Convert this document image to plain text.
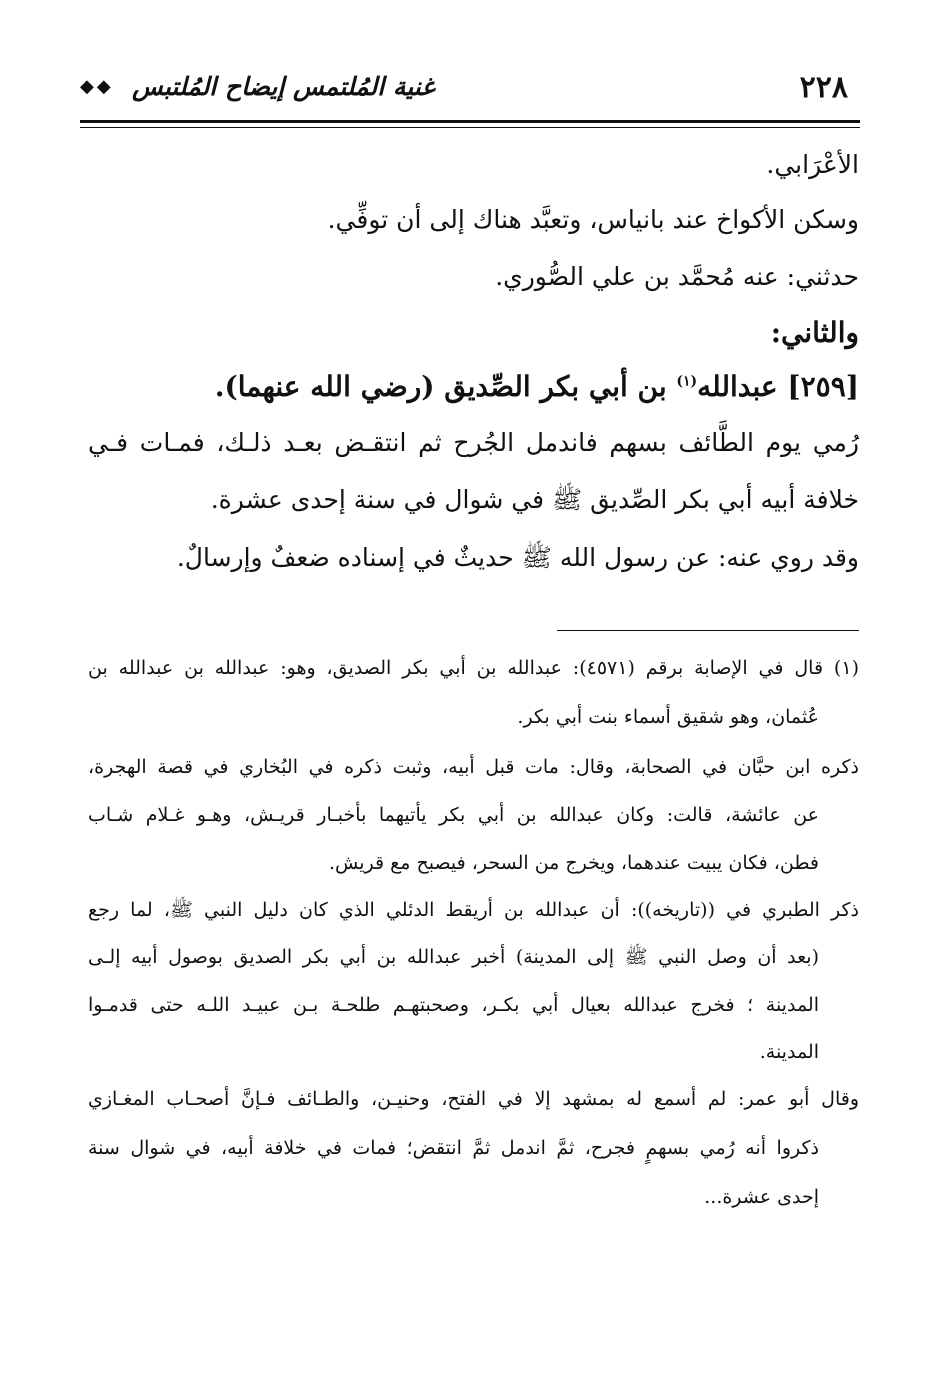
٢٢٨
غنية المُلتمس إيضاح المُلتبس
◆◆
الأعْرَابي.
وسكن الأكواخ عند بانياس، وتعبَّد هناك إلى أن توفِّي.
حدثني: عنه مُحمَّد بن علي الصُّوري.
والثاني:
[٢٥٩] عبدالله$^{(١)}$ بن أبي بكر الصِّديق (رضي الله عنهما).
رُمي يوم الطَّائف بسهم فاندمل الجُرح ثم انتقـض بعـد ذلـك، فمـات فـي
خلافة أبيه أبي بكر الصِّديق ﷺ في شوال في سنة إحدى عشرة.
وقد روي عنه: عن رسول الله ﷺ حديثٌ في إسناده ضعفٌ وإرسالٌ.
(١) قال في الإصابة برقم (٤٥٧١): عبدالله بن أبي بكر الصديق، وهو: عبدالله بن عبدالله بن
عُثمان، وهو شقيق أسماء بنت أبي بكر.
ذكره ابن حبَّان في الصحابة، وقال: مات قبل أبيه، وثبت ذكره في البُخاري في قصة الهجرة،
عن عائشة، قالت: وكان عبدالله بن أبي بكر يأتيهما بأخبـار قريـش، وهـو غـلام شـاب
فطن، فكان يبيت عندهما، ويخرج من السحر، فيصبح مع قريش.
ذكر الطبري في ((تاريخه)): أن عبدالله بن أريقط الدئلي الذي كان دليل النبي ﷺ، لما رجع
(بعد أن وصل النبي ﷺ إلى المدينة) أخبر عبدالله بن أبي بكر الصديق بوصول أبيه إلـى
المدينة ؛ فخرج عبدالله بعيال أبي بكـر، وصحبتهـم طلحـة بـن عبيـد اللـه حتى قدمـوا
المدينة.
وقال أبو عمر: لم أسمع له بمشهد إلا في الفتح، وحنيـن، والطـائف فـإنَّ أصحـاب المغـازي
ذكروا أنه رُمي بسهمٍ فجرح، ثمَّ اندمل ثمَّ انتقض؛ فمات في خلافة أبيه، في شوال سنة
إحدى عشرة...
